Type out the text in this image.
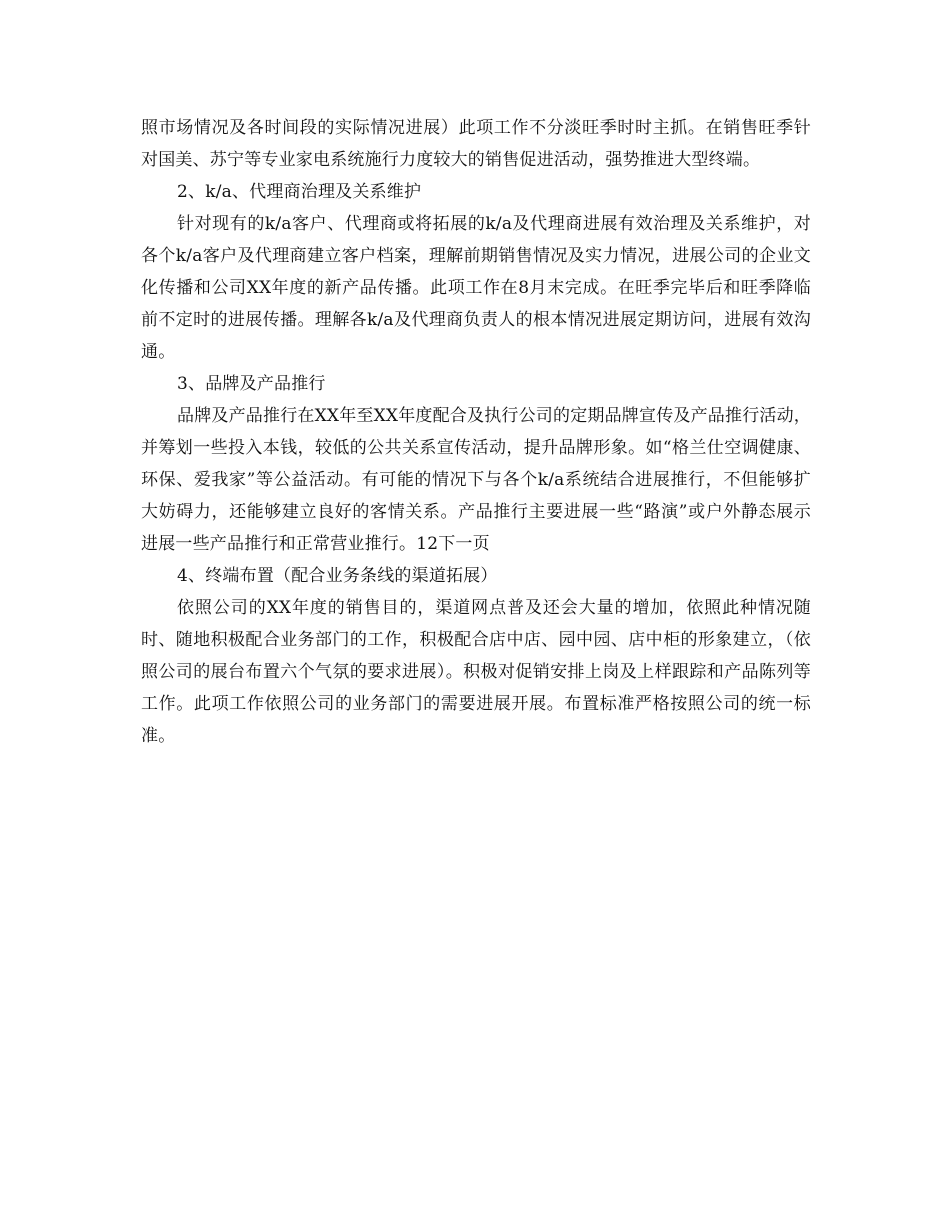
照市场情况及各时间段的实际情况进展）此项工作不分淡旺季时时主抓。在销售旺季针对国美、苏宁等专业家电系统施行力度较大的销售促进活动，强势推进大型终端。

2、k/a、代理商治理及关系维护

针对现有的k/a客户、代理商或将拓展的k/a及代理商进展有效治理及关系维护，对各个k/a客户及代理商建立客户档案，理解前期销售情况及实力情况，进展公司的企业文化传播和公司XX年度的新产品传播。此项工作在8月末完成。在旺季完毕后和旺季降临前不定时的进展传播。理解各k/a及代理商负责人的根本情况进展定期访问，进展有效沟通。

3、品牌及产品推行

品牌及产品推行在XX年至XX年度配合及执行公司的定期品牌宣传及产品推行活动，并筹划一些投入本钱，较低的公共关系宣传活动，提升品牌形象。如“格兰仕空调健康、环保、爱我家”等公益活动。有可能的情况下与各个k/a系统结合进展推行，不但能够扩大妨碍力，还能够建立良好的客情关系。产品推行主要进展一些“路演”或户外静态展示进展一些产品推行和正常营业推行。12下一页

4、终端布置（配合业务条线的渠道拓展）

依照公司的XX年度的销售目的，渠道网点普及还会大量的增加，依照此种情况随时、随地积极配合业务部门的工作，积极配合店中店、园中园、店中柜的形象建立，（依照公司的展台布置六个气氛的要求进展）。积极对促销安排上岗及上样跟踪和产品陈列等工作。此项工作依照公司的业务部门的需要进展开展。布置标准严格按照公司的统一标准。
